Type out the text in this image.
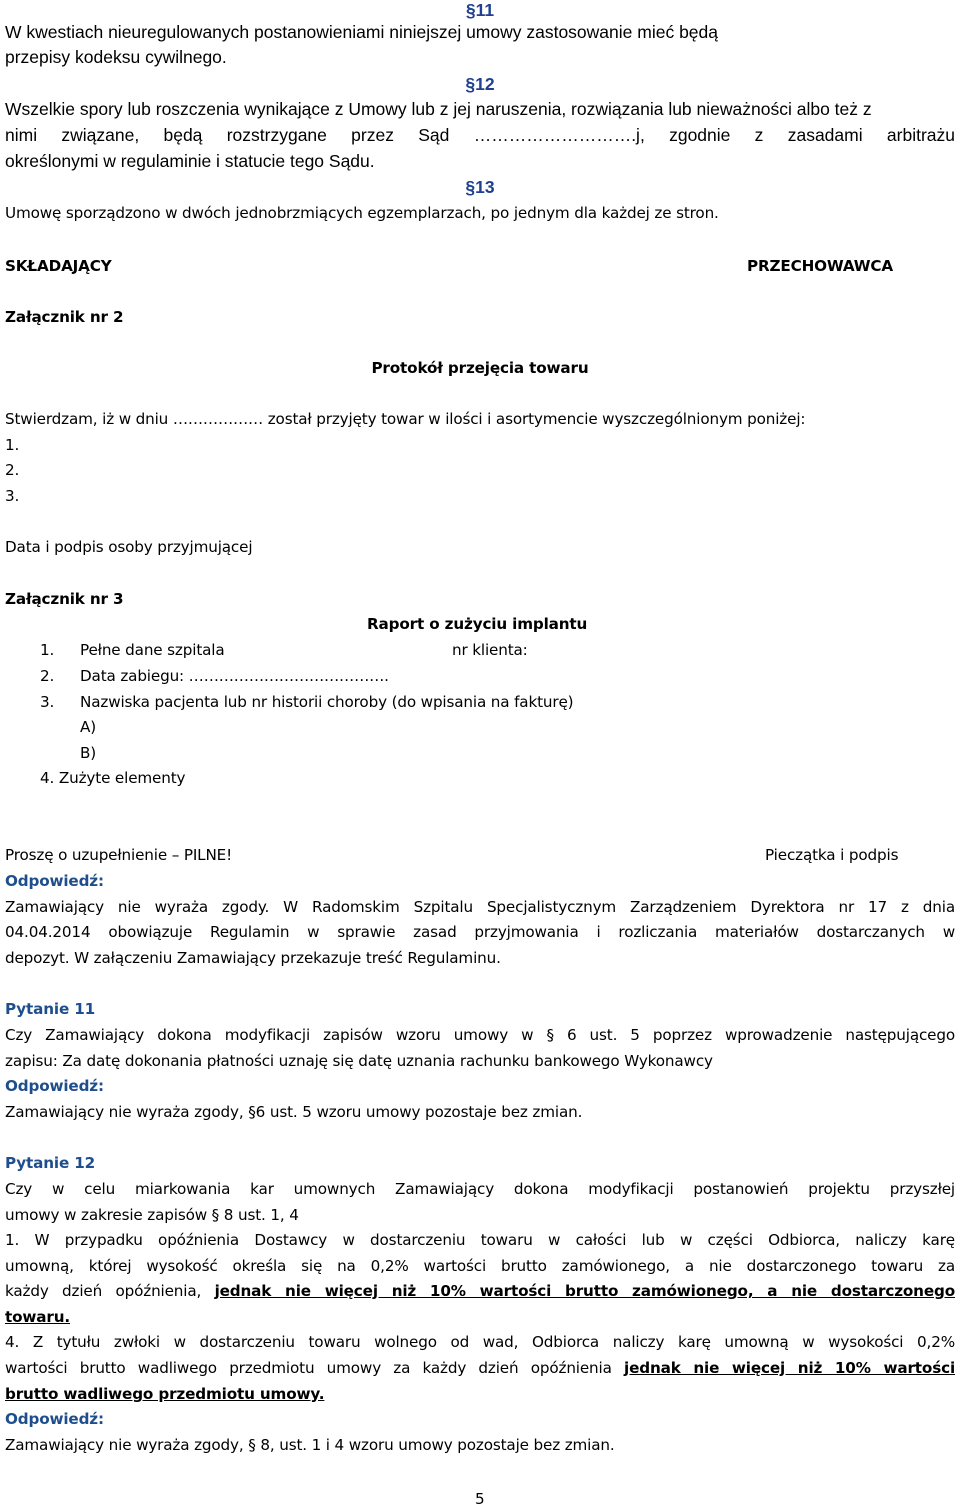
§11
W kwestiach nieuregulowanych postanowieniami niniejszej umowy zastosowanie mieć będą
przepisy kodeksu cywilnego.
§12
Wszelkie spory lub roszczenia wynikające z Umowy lub z jej naruszenia, rozwiązania lub nieważności albo też z
nimi związane, będą rozstrzygane przez Sąd ……………………….j, zgodnie z zasadami arbitrażu
określonymi w regulaminie i statucie tego Sądu.
§13
Umowę sporządzono w dwóch jednobrzmiących egzemplarzach, po jednym dla każdej ze stron.
SKŁADAJĄCY	PRZECHOWAWCA
Załącznik nr 2
Protokół przejęcia towaru
Stwierdzam, iż w dniu ……………… został przyjęty towar w ilości i asortymencie wyszczególnionym poniżej:
1.
2.
3.
Data i podpis osoby przyjmującej
Załącznik nr 3
Raport o zużyciu implantu
1.	Pełne dane szpitala	nr klienta:
2.	Data zabiegu: ………………………………….
3.	Nazwiska pacjenta lub nr historii choroby (do wpisania na fakturę)
A)
B)
4. Zużyte elementy
Proszę o uzupełnienie – PILNE!	Pieczątka i podpis
Odpowiedź:
Zamawiający nie wyraża zgody. W Radomskim Szpitalu Specjalistycznym Zarządzeniem Dyrektora nr 17 z dnia
04.04.2014 obowiązuje Regulamin w sprawie zasad przyjmowania i rozliczania materiałów dostarczanych w
depozyt. W załączeniu Zamawiający przekazuje treść Regulaminu.
Pytanie 11
Czy Zamawiający dokona modyfikacji zapisów wzoru umowy w § 6 ust. 5 poprzez wprowadzenie następującego
zapisu: Za datę dokonania płatności uznaję się datę uznania rachunku bankowego Wykonawcy
Odpowiedź:
Zamawiający nie wyraża zgody, §6 ust. 5 wzoru umowy pozostaje bez zmian.
Pytanie 12
Czy w celu miarkowania kar umownych Zamawiający dokona modyfikacji postanowień projektu przyszłej
umowy w zakresie zapisów § 8 ust. 1, 4
1. W przypadku opóźnienia Dostawcy w dostarczeniu towaru w całości lub w części Odbiorca, naliczy karę
umowną, której wysokość określa się na 0,2% wartości brutto zamówionego, a nie dostarczonego towaru za
każdy dzień opóźnienia, jednak nie więcej niż 10% wartości brutto zamówionego, a nie dostarczonego
towaru.
4. Z tytułu zwłoki w dostarczeniu towaru wolnego od wad, Odbiorca naliczy karę umowną w wysokości 0,2%
wartości brutto wadliwego przedmiotu umowy za każdy dzień opóźnienia jednak nie więcej niż 10% wartości
brutto wadliwego przedmiotu umowy.
Odpowiedź:
Zamawiający nie wyraża zgody, § 8, ust. 1 i 4 wzoru umowy pozostaje bez zmian.
5
